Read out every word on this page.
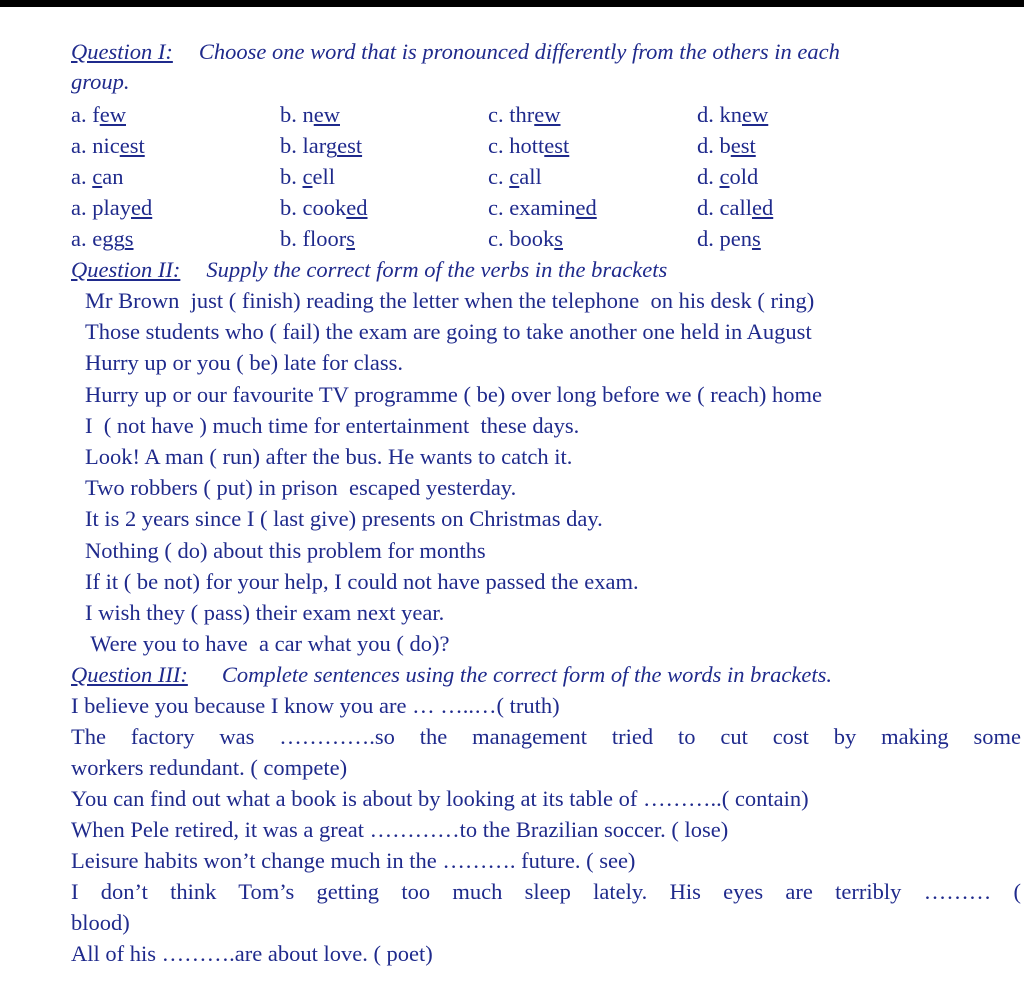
Question I: Choose one word that is pronounced differently from the others in each
group.
a. few	b. new	c. threw	d. knew
a. nicest	b. largest	c. hottest	d. best
a. can	b. cell	c. call	d. cold
a. played	b. cooked	c. examined	d. called
a. eggs	b. floors	c. books	d. pens
Question II: Supply the correct form of the verbs in the brackets
Mr Brown  just ( finish) reading the letter when the telephone  on his desk ( ring)
Those students who ( fail) the exam are going to take another one held in August
Hurry up or you ( be) late for class.
Hurry up or our favourite TV programme ( be) over long before we ( reach) home
I  ( not have ) much time for entertainment  these days.
Look! A man ( run) after the bus. He wants to catch it.
Two robbers ( put) in prison  escaped yesterday.
It is 2 years since I ( last give) presents on Christmas day.
Nothing ( do) about this problem for months
If it ( be not) for your help, I could not have passed the exam.
I wish they ( pass) their exam next year.
Were you to have  a car what you ( do)?
Question III: Complete sentences using the correct form of the words in brackets.
I believe you because I know you are … …..…( truth)
The factory was ………….so the management tried to cut cost by making some
workers redundant. ( compete)
You can find out what a book is about by looking at its table of ………..( contain)
When Pele retired, it was a great …………to the Brazilian soccer. ( lose)
Leisure habits won’t change much in the ………. future. ( see)
I don’t think Tom’s getting too much sleep lately. His eyes are terribly ……… (
blood)
All of his ……….are about love. ( poet)
